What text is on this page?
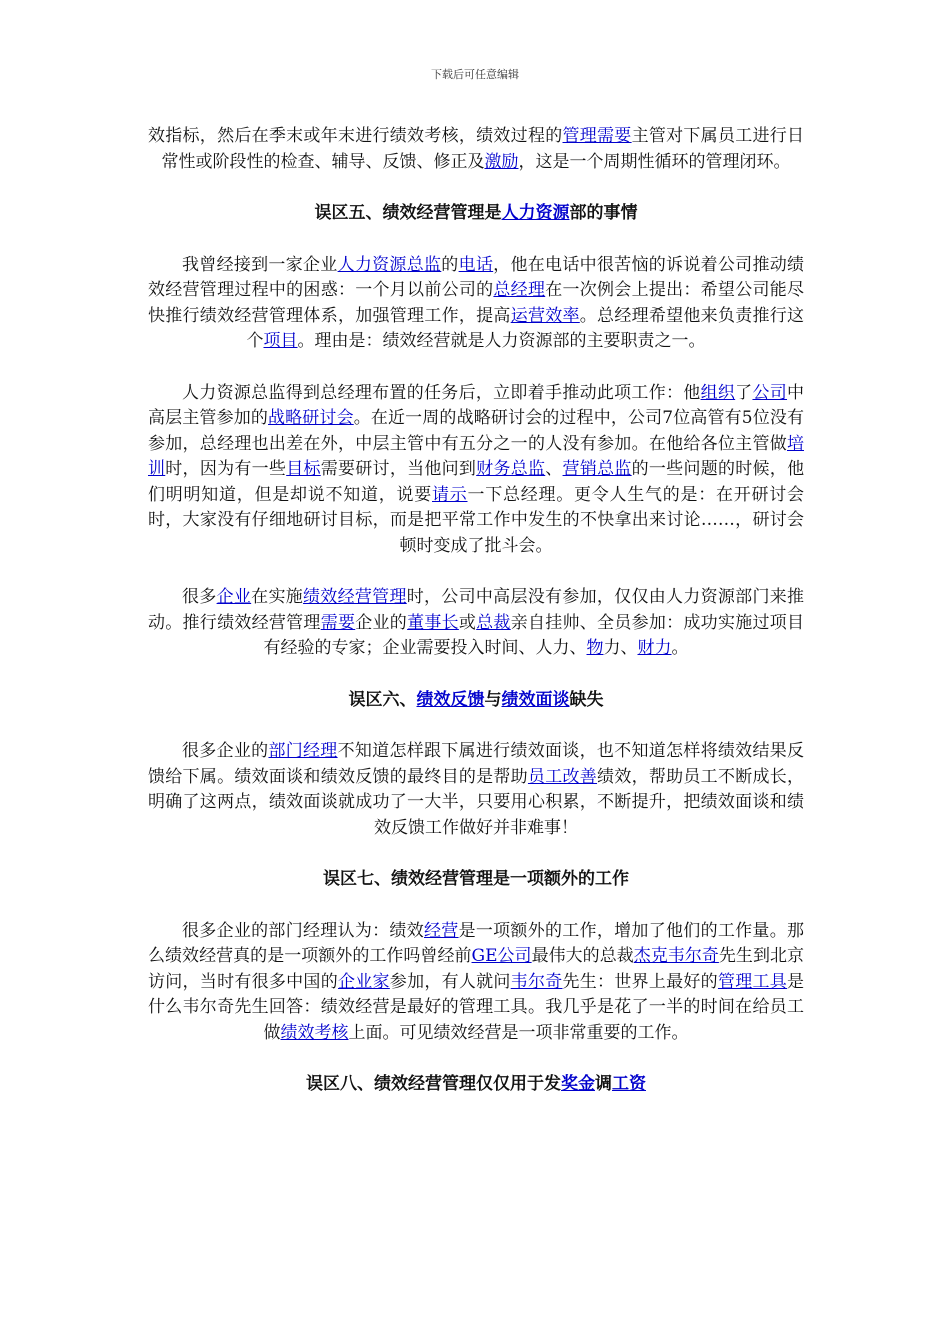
下载后可任意编辑
效指标，然后在季末或年末进行绩效考核，绩效过程的管理需要主管对下属员工进行日常性或阶段性的检查、辅导、反馈、修正及激励，这是一个周期性循环的管理闭环。
误区五、绩效经营管理是人力资源部的事情
我曾经接到一家企业人力资源总监的电话，他在电话中很苦恼的诉说着公司推动绩效经营管理过程中的困惑：一个月以前公司的总经理在一次例会上提出：希望公司能尽快推行绩效经营管理体系，加强管理工作，提高运营效率。总经理希望他来负责推行这个项目。理由是：绩效经营就是人力资源部的主要职责之一。
人力资源总监得到总经理布置的任务后，立即着手推动此项工作：他组织了公司中高层主管参加的战略研讨会。在近一周的战略研讨会的过程中，公司7位高管有5位没有参加，总经理也出差在外，中层主管中有五分之一的人没有参加。在他给各位主管做培训时，因为有一些目标需要研讨，当他问到财务总监、营销总监的一些问题的时候，他们明明知道，但是却说不知道，说要请示一下总经理。更令人生气的是：在开研讨会时，大家没有仔细地研讨目标，而是把平常工作中发生的不快拿出来讨论……，研讨会顿时变成了批斗会。
很多企业在实施绩效经营管理时，公司中高层没有参加，仅仅由人力资源部门来推动。推行绩效经营管理需要企业的董事长或总裁亲自挂帅、全员参加：成功实施过项目有经验的专家；企业需要投入时间、人力、物力、财力。
误区六、绩效反馈与绩效面谈缺失
很多企业的部门经理不知道怎样跟下属进行绩效面谈，也不知道怎样将绩效结果反馈给下属。绩效面谈和绩效反馈的最终目的是帮助员工改善绩效，帮助员工不断成长，明确了这两点，绩效面谈就成功了一大半，只要用心积累，不断提升，把绩效面谈和绩效反馈工作做好并非难事！
误区七、绩效经营管理是一项额外的工作
很多企业的部门经理认为：绩效经营是一项额外的工作，增加了他们的工作量。那么绩效经营真的是一项额外的工作吗曾经前GE公司最伟大的总裁杰克韦尔奇先生到北京访问，当时有很多中国的企业家参加，有人就问韦尔奇先生：世界上最好的管理工具是什么韦尔奇先生回答：绩效经营是最好的管理工具。我几乎是花了一半的时间在给员工做绩效考核上面。可见绩效经营是一项非常重要的工作。
误区八、绩效经营管理仅仅用于发奖金调工资
